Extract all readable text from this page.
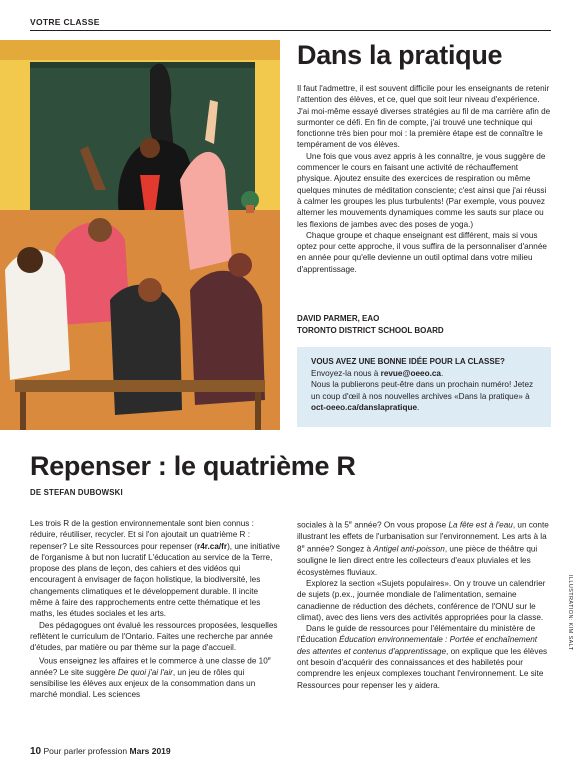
VOTRE CLASSE
Dans la pratique

Il faut l'admettre, il est souvent difficile pour les enseignants de retenir l'attention des élèves, et ce, quel que soit leur niveau d'expérience. J'ai moi-même essayé diverses stratégies au fil de ma carrière afin de surmonter ce défi. En fin de compte, j'ai trouvé une technique qui fonctionne très bien pour moi : la première étape est de connaître le tempérament de vos élèves.

Une fois que vous avez appris à les connaître, je vous suggère de commencer le cours en faisant une activité de réchauffement physique. Ajoutez ensuite des exercices de respiration ou même quelques minutes de méditation consciente; c'est ainsi que j'ai réussi à calmer les groupes les plus turbulents! (Par exemple, vous pouvez alterner les mouvements dynamiques comme les sauts sur place ou les flexions de jambes avec des poses de yoga.)

Chaque groupe et chaque enseignant est différent, mais si vous optez pour cette approche, il vous suffira de la personnaliser d'année en année pour qu'elle devienne un outil optimal dans votre milieu d'apprentissage.

DAVID PARMER, EAO
TORONTO DISTRICT SCHOOL BOARD
VOUS AVEZ UNE BONNE IDÉE POUR LA CLASSE?
Envoyez-la nous à revue@oeeo.ca.
Nous la publierons peut-être dans un prochain numéro! Jetez un coup d'œil à nos nouvelles archives «Dans la pratique» à oct-oeeo.ca/danslapratique.
Repenser : le quatrième R
DE STEFAN DUBOWSKI

Les trois R de la gestion environnementale sont bien connus : réduire, réutiliser, recycler. Et si l'on ajoutait un quatrième R : repenser? Le site Ressources pour repenser (r4r.ca/fr), une initiative de l'organisme à but non lucratif L'éducation au service de la Terre, propose des plans de leçon, des cahiers et des vidéos qui encouragent à envisager de façon holistique, la biodiversité, les changements climatiques et le développement durable. Il incite même à faire des rapprochements entre cette thématique et les maths, les études sociales et les arts.

Des pédagogues ont évalué les ressources proposées, lesquelles reflètent le curriculum de l'Ontario. Faites une recherche par année d'études, par matière ou par thème sur la page d'accueil.

Vous enseignez les affaires et le commerce à une classe de 10e année? Le site suggère De quoi j'ai l'air, un jeu de rôles qui sensibilise les élèves aux enjeux de la consommation dans un marché mondial. Les sciences

sociales à la 5e année? On vous propose La fête est à l'eau, un conte illustrant les effets de l'urbanisation sur l'environnement. Les arts à la 8e année? Songez à Antigel anti-poisson, une pièce de théâtre qui souligne le lien direct entre les collecteurs d'eaux pluviales et les écosystèmes fluviaux.

Explorez la section «Sujets populaires». On y trouve un calendrier de sujets (p.ex., journée mondiale de l'alimentation, semaine canadienne de réduction des déchets, conférence de l'ONU sur le climat), avec des liens vers des activités appropriées pour la classe.

Dans le guide de ressources pour l'élémentaire du ministère de l'Éducation Éducation environnementale : Portée et enchaînement des attentes et contenus d'apprentissage, on explique que les élèves ont besoin d'acquérir des connaissances et des habiletés pour comprendre les enjeux complexes touchant l'environnement. Le site Ressources pour repenser les y aidera.

ILLUSTRATION: KIM SALT
10 Pour parler profession Mars 2019
